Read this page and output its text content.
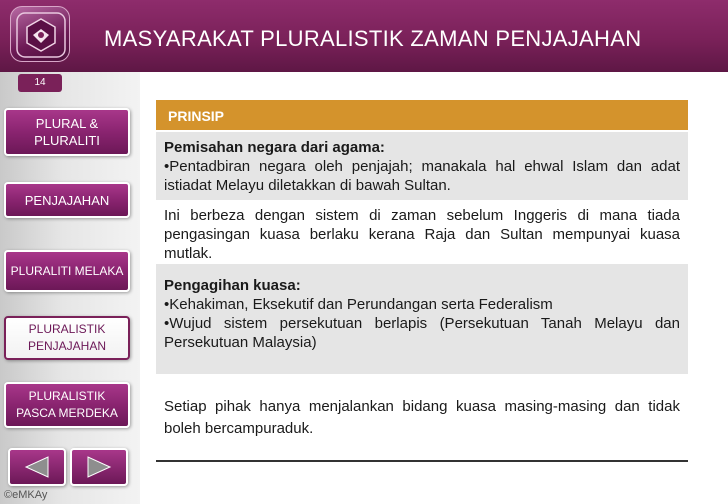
MASYARAKAT PLURALISTIK ZAMAN PENJAJAHAN
14
PLURAL &
PLURALITI
PENJAJAHAN
PLURALITI MELAKA
PLURALISTIK
PENJAJAHAN
PLURALISTIK
PASCA MERDEKA
©eMKAy
PRINSIP
Pemisahan negara dari agama:
•Pentadbiran negara oleh penjajah; manakala hal ehwal Islam dan adat istiadat Melayu diletakkan di bawah Sultan.
Ini berbeza dengan sistem di zaman sebelum Inggeris di mana tiada pengasingan kuasa berlaku kerana Raja dan Sultan mempunyai kuasa mutlak.
Pengagihan kuasa:
•Kehakiman, Eksekutif dan Perundangan serta Federalism
•Wujud sistem persekutuan berlapis (Persekutuan Tanah Melayu dan Persekutuan Malaysia)
Setiap pihak hanya menjalankan bidang kuasa masing-masing dan tidak boleh bercampuraduk.
